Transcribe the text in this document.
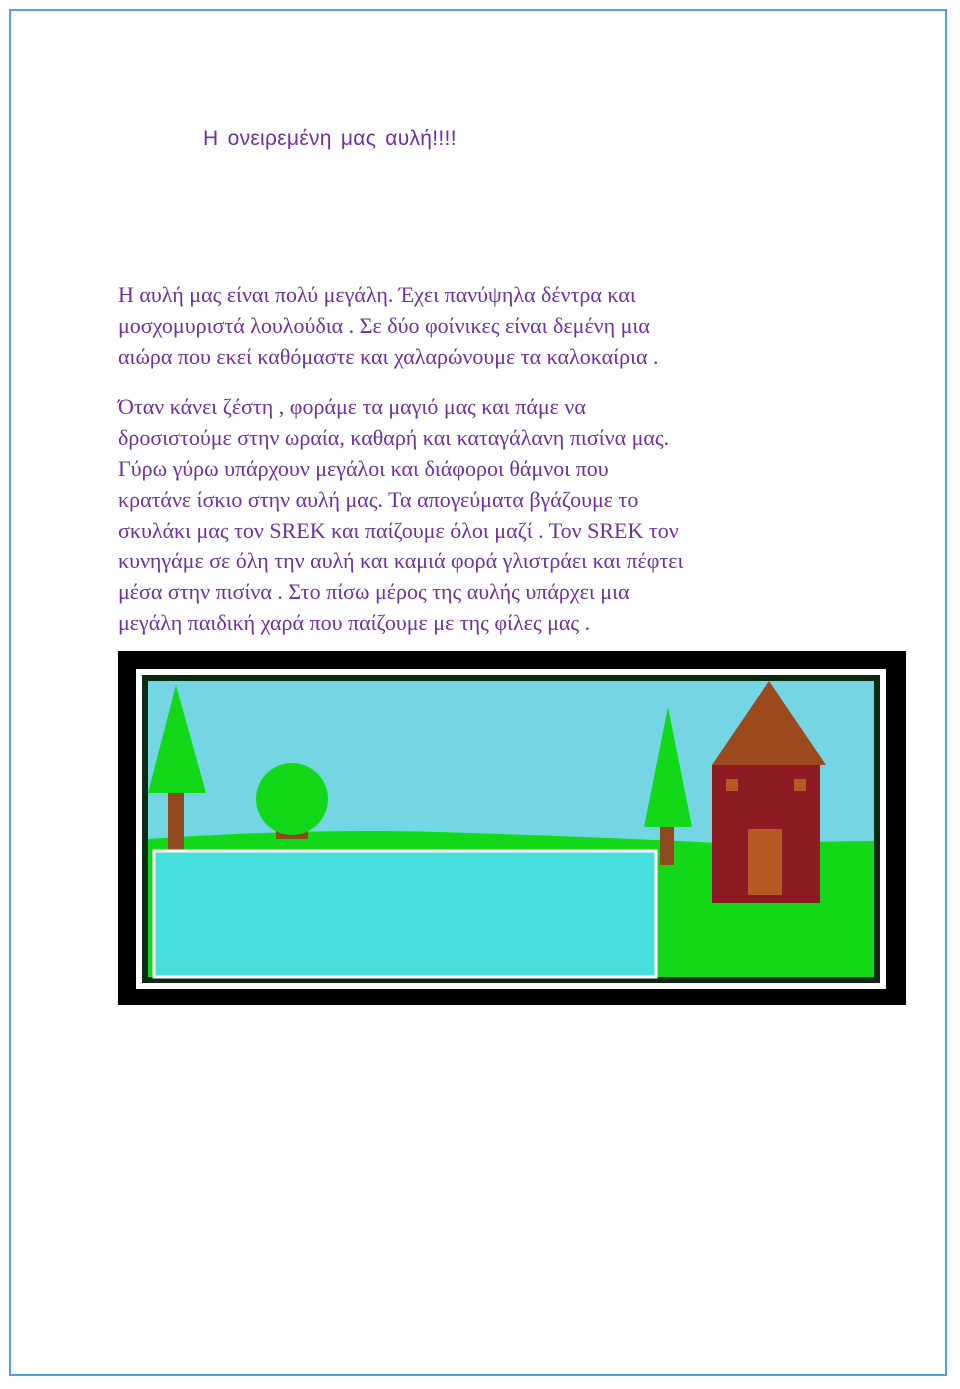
Η ονειρεμένη μας αυλή!!!!

Η αυλή μας είναι πολύ μεγάλη. Έχει πανύψηλα δέντρα και

μοσχομυριστά λουλούδια . Σε δύο φοίνικες είναι δεμένη μια

αιώρα που εκεί καθόμαστε και χαλαρώνουμε τα καλοκαίρια .

Όταν κάνει ζέστη , φοράμε τα μαγιό μας και πάμε να

δροσιστούμε στην ωραία, καθαρή και καταγάλανη πισίνα μας.

Γύρω γύρω υπάρχουν μεγάλοι και διάφοροι θάμνοι που

κρατάνε ίσκιο στην αυλή μας. Τα απογεύματα βγάζουμε το

σκυλάκι μας τον SREK και παίζουμε όλοι μαζί . Τον SREK τον

κυνηγάμε σε όλη την αυλή και καμιά φορά γλιστράει και πέφτει

μέσα στην πισίνα . Στο πίσω μέρος της αυλής υπάρχει μια

μεγάλη παιδική χαρά που παίζουμε με της φίλες μας .
